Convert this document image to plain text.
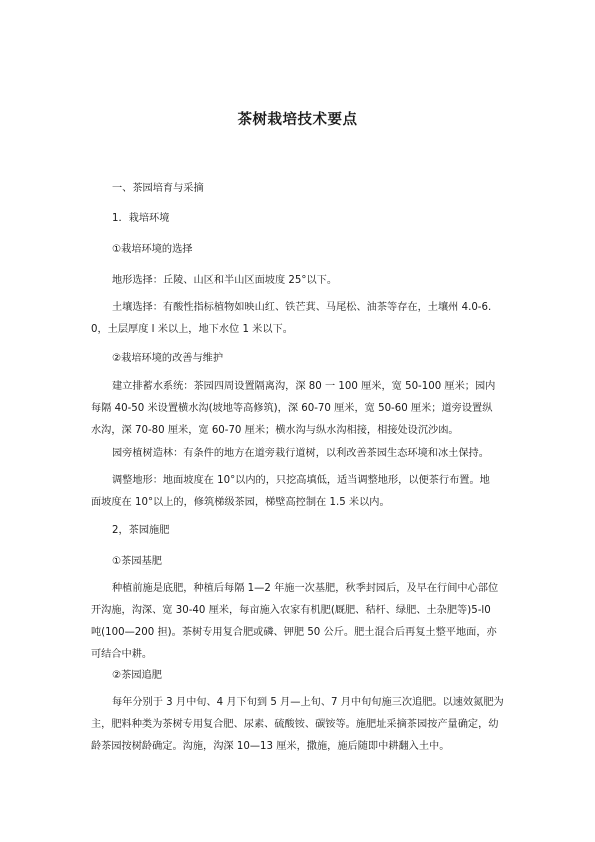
茶树栽培技术要点
一、茶园培育与采摘
1．栽培环境
①栽培环境的选择
地形选择：丘陵、山区和半山区面坡度 25°以下。
土壤选择：有酸性指标植物如映山红、铁芒萁、马尾松、油茶等存在，土壤州 4.0-6.
0，土层厚度 l 米以上，地下水位 1 米以下。
②栽培环境的改善与维护
建立排蓄水系统：茶园四周设置隔离沟，深 80 一 100 厘米，宽 50-100 厘米；园内
每隔 40-50 米设置横水沟(坡地等高修筑)，深 60-70 厘米，宽 50-60 厘米；道旁设置纵
水沟，深 70-80 厘米，宽 60-70 厘米；横水沟与纵水沟相接，相接处设沉沙凼。
园旁植树造林：有条件的地方在道旁栽行道树，以利改善茶园生态环境和冰土保持。
调整地形：地面坡度在 10°以内的，只挖高填低，适当调整地形，以便茶行布置。地
面坡度在 10°以上的，修筑梯级茶园，梯壁高控制在 1.5 米以内。
2，茶园施肥
①茶园基肥
种植前施是底肥，种植后每隔 1—2 年施一次基肥，秋季封园后，及早在行间中心部位
开沟施，沟深、宽 30-40 厘米，每亩施入农家有机肥(厩肥、秸杆、绿肥、土杂肥等)5-l0
吨(100—200 担)。茶树专用复合肥或磷、钾肥 50 公斤。肥土混合后再复土整平地面，亦
可结合中耕。
②茶园追肥
每年分别于 3 月中旬、4 月下旬到 5 月—上旬、7 月中旬旬施三次追肥。以速效氮肥为
主，肥料种类为茶树专用复合肥、尿素、硫酸铵、碳铵等。施肥址采摘茶园按产量确定，幼
龄茶园按树龄确定。沟施，沟深 10—13 厘米，撒施，施后随即中耕翻入土中。
